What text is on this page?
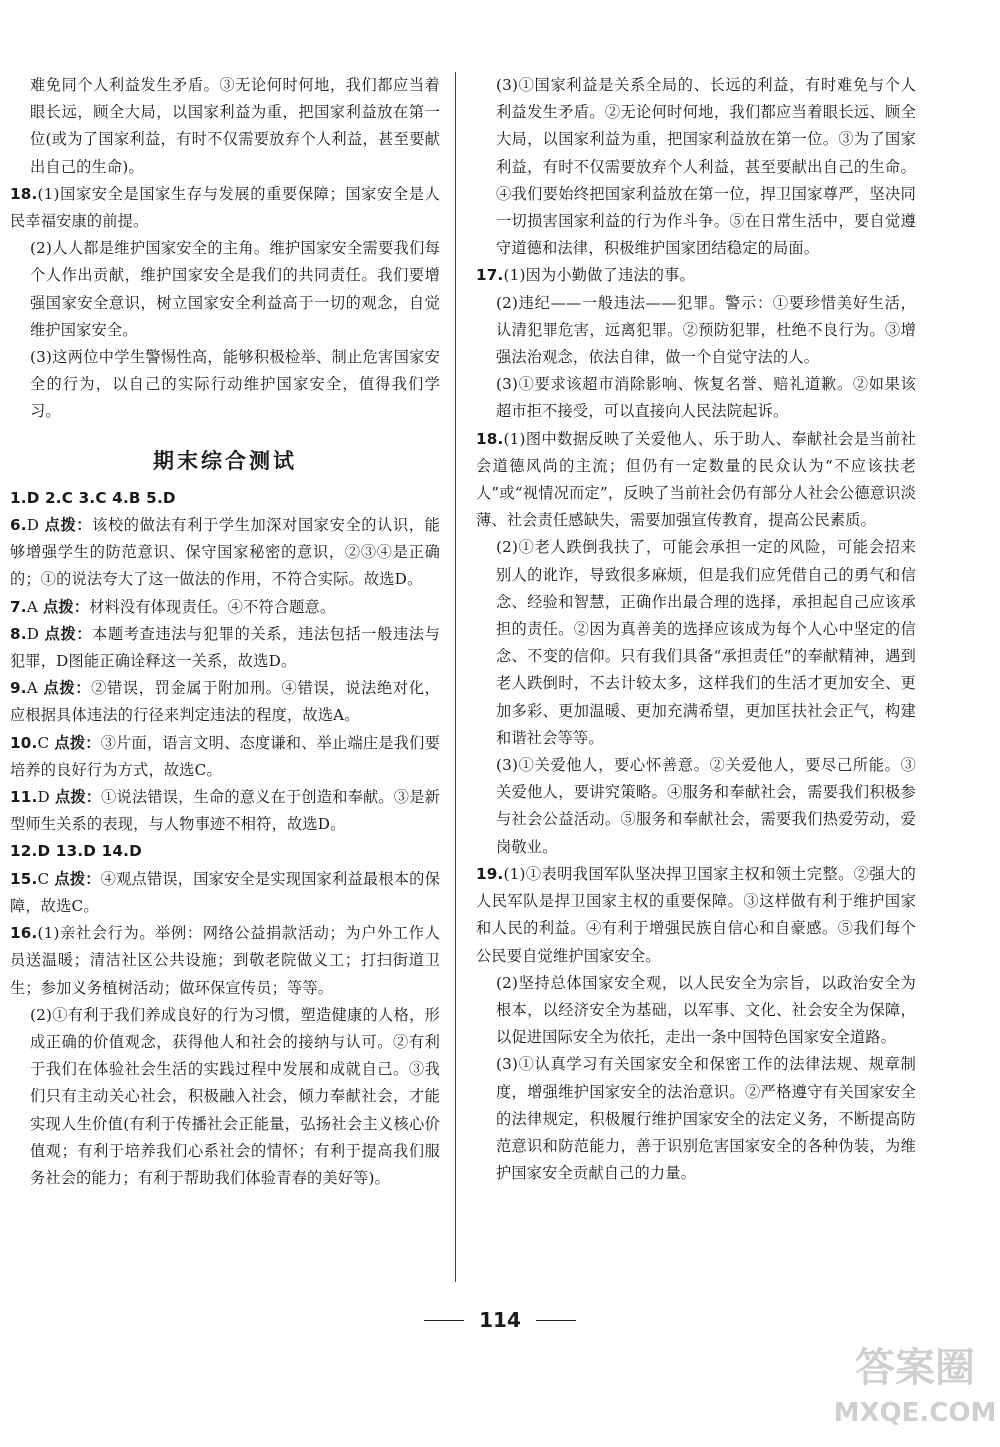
难免同个人利益发生矛盾。③无论何时何地，我们都应当着眼长远，顾全大局，以国家利益为重，把国家利益放在第一位(或为了国家利益，有时不仅需要放弃个人利益，甚至要献出自己的生命)。

18.(1)国家安全是国家生存与发展的重要保障；国家安全是人民幸福安康的前提。

(2)人人都是维护国家安全的主角。维护国家安全需要我们每个人作出贡献，维护国家安全是我们的共同责任。我们要增强国家安全意识，树立国家安全利益高于一切的观念，自觉维护国家安全。

(3)这两位中学生警惕性高，能够积极检举、制止危害国家安全的行为，以自己的实际行动维护国家安全，值得我们学习。

期末综合测试

1.D 2.C 3.C 4.B 5.D

6.D 点拨：该校的做法有利于学生加深对国家安全的认识，能够增强学生的防范意识、保守国家秘密的意识，②③④是正确的；①的说法夸大了这一做法的作用，不符合实际。故选D。

7.A 点拨：材料没有体现责任。④不符合题意。

8.D 点拨：本题考查违法与犯罪的关系，违法包括一般违法与犯罪，D图能正确诠释这一关系，故选D。

9.A 点拨：②错误，罚金属于附加刑。④错误，说法绝对化，应根据具体违法的行径来判定违法的程度，故选A。

10.C 点拨：③片面，语言文明、态度谦和、举止端庄是我们要培养的良好行为方式，故选C。

11.D 点拨：①说法错误，生命的意义在于创造和奉献。③是新型师生关系的表现，与人物事迹不相符，故选D。

12.D 13.D 14.D

15.C 点拨：④观点错误，国家安全是实现国家利益最根本的保障，故选C。

16.(1)亲社会行为。举例：网络公益捐款活动；为户外工作人员送温暖；清洁社区公共设施；到敬老院做义工；打扫街道卫生；参加义务植树活动；做环保宣传员；等等。

(2)①有利于我们养成良好的行为习惯，塑造健康的人格，形成正确的价值观念，获得他人和社会的接纳与认可。②有利于我们在体验社会生活的实践过程中发展和成就自己。③我们只有主动关心社会，积极融入社会，倾力奉献社会，才能实现人生价值(有利于传播社会正能量，弘扬社会主义核心价值观；有利于培养我们心系社会的情怀；有利于提高我们服务社会的能力；有利于帮助我们体验青春的美好等)。

(3)①国家利益是关系全局的、长远的利益，有时难免与个人利益发生矛盾。②无论何时何地，我们都应当着眼长远、顾全大局，以国家利益为重，把国家利益放在第一位。③为了国家利益，有时不仅需要放弃个人利益，甚至要献出自己的生命。④我们要始终把国家利益放在第一位，捍卫国家尊严，坚决同一切损害国家利益的行为作斗争。⑤在日常生活中，要自觉遵守道德和法律，积极维护国家团结稳定的局面。

17.(1)因为小勤做了违法的事。

(2)违纪——一般违法——犯罪。警示：①要珍惜美好生活，认清犯罪危害，远离犯罪。②预防犯罪，杜绝不良行为。③增强法治观念，依法自律，做一个自觉守法的人。

(3)①要求该超市消除影响、恢复名誉、赔礼道歉。②如果该超市拒不接受，可以直接向人民法院起诉。

18.(1)图中数据反映了关爱他人、乐于助人、奉献社会是当前社会道德风尚的主流；但仍有一定数量的民众认为“不应该扶老人”或“视情况而定”，反映了当前社会仍有部分人社会公德意识淡薄、社会责任感缺失，需要加强宣传教育，提高公民素质。

(2)①老人跌倒我扶了，可能会承担一定的风险，可能会招来别人的讹诈，导致很多麻烦，但是我们应凭借自己的勇气和信念、经验和智慧，正确作出最合理的选择，承担起自己应该承担的责任。②因为真善美的选择应该成为每个人心中坚定的信念、不变的信仰。只有我们具备“承担责任”的奉献精神，遇到老人跌倒时，不去计较太多，这样我们的生活才更加安全、更加多彩、更加温暖、更加充满希望，更加匡扶社会正气，构建和谐社会等等。

(3)①关爱他人，要心怀善意。②关爱他人，要尽己所能。③关爱他人，要讲究策略。④服务和奉献社会，需要我们积极参与社会公益活动。⑤服务和奉献社会，需要我们热爱劳动，爱岗敬业。

19.(1)①表明我国军队坚决捍卫国家主权和领土完整。②强大的人民军队是捍卫国家主权的重要保障。③这样做有利于维护国家和人民的利益。④有利于增强民族自信心和自豪感。⑤我们每个公民要自觉维护国家安全。

(2)坚持总体国家安全观，以人民安全为宗旨，以政治安全为根本，以经济安全为基础，以军事、文化、社会安全为保障，以促进国际安全为依托，走出一条中国特色国家安全道路。

(3)①认真学习有关国家安全和保密工作的法律法规、规章制度，增强维护国家安全的法治意识。②严格遵守有关国家安全的法律规定，积极履行维护国家安全的法定义务，不断提高防范意识和防范能力，善于识别危害国家安全的各种伪装，为维护国家安全贡献自己的力量。

114
答案圈
MXQE.COM
